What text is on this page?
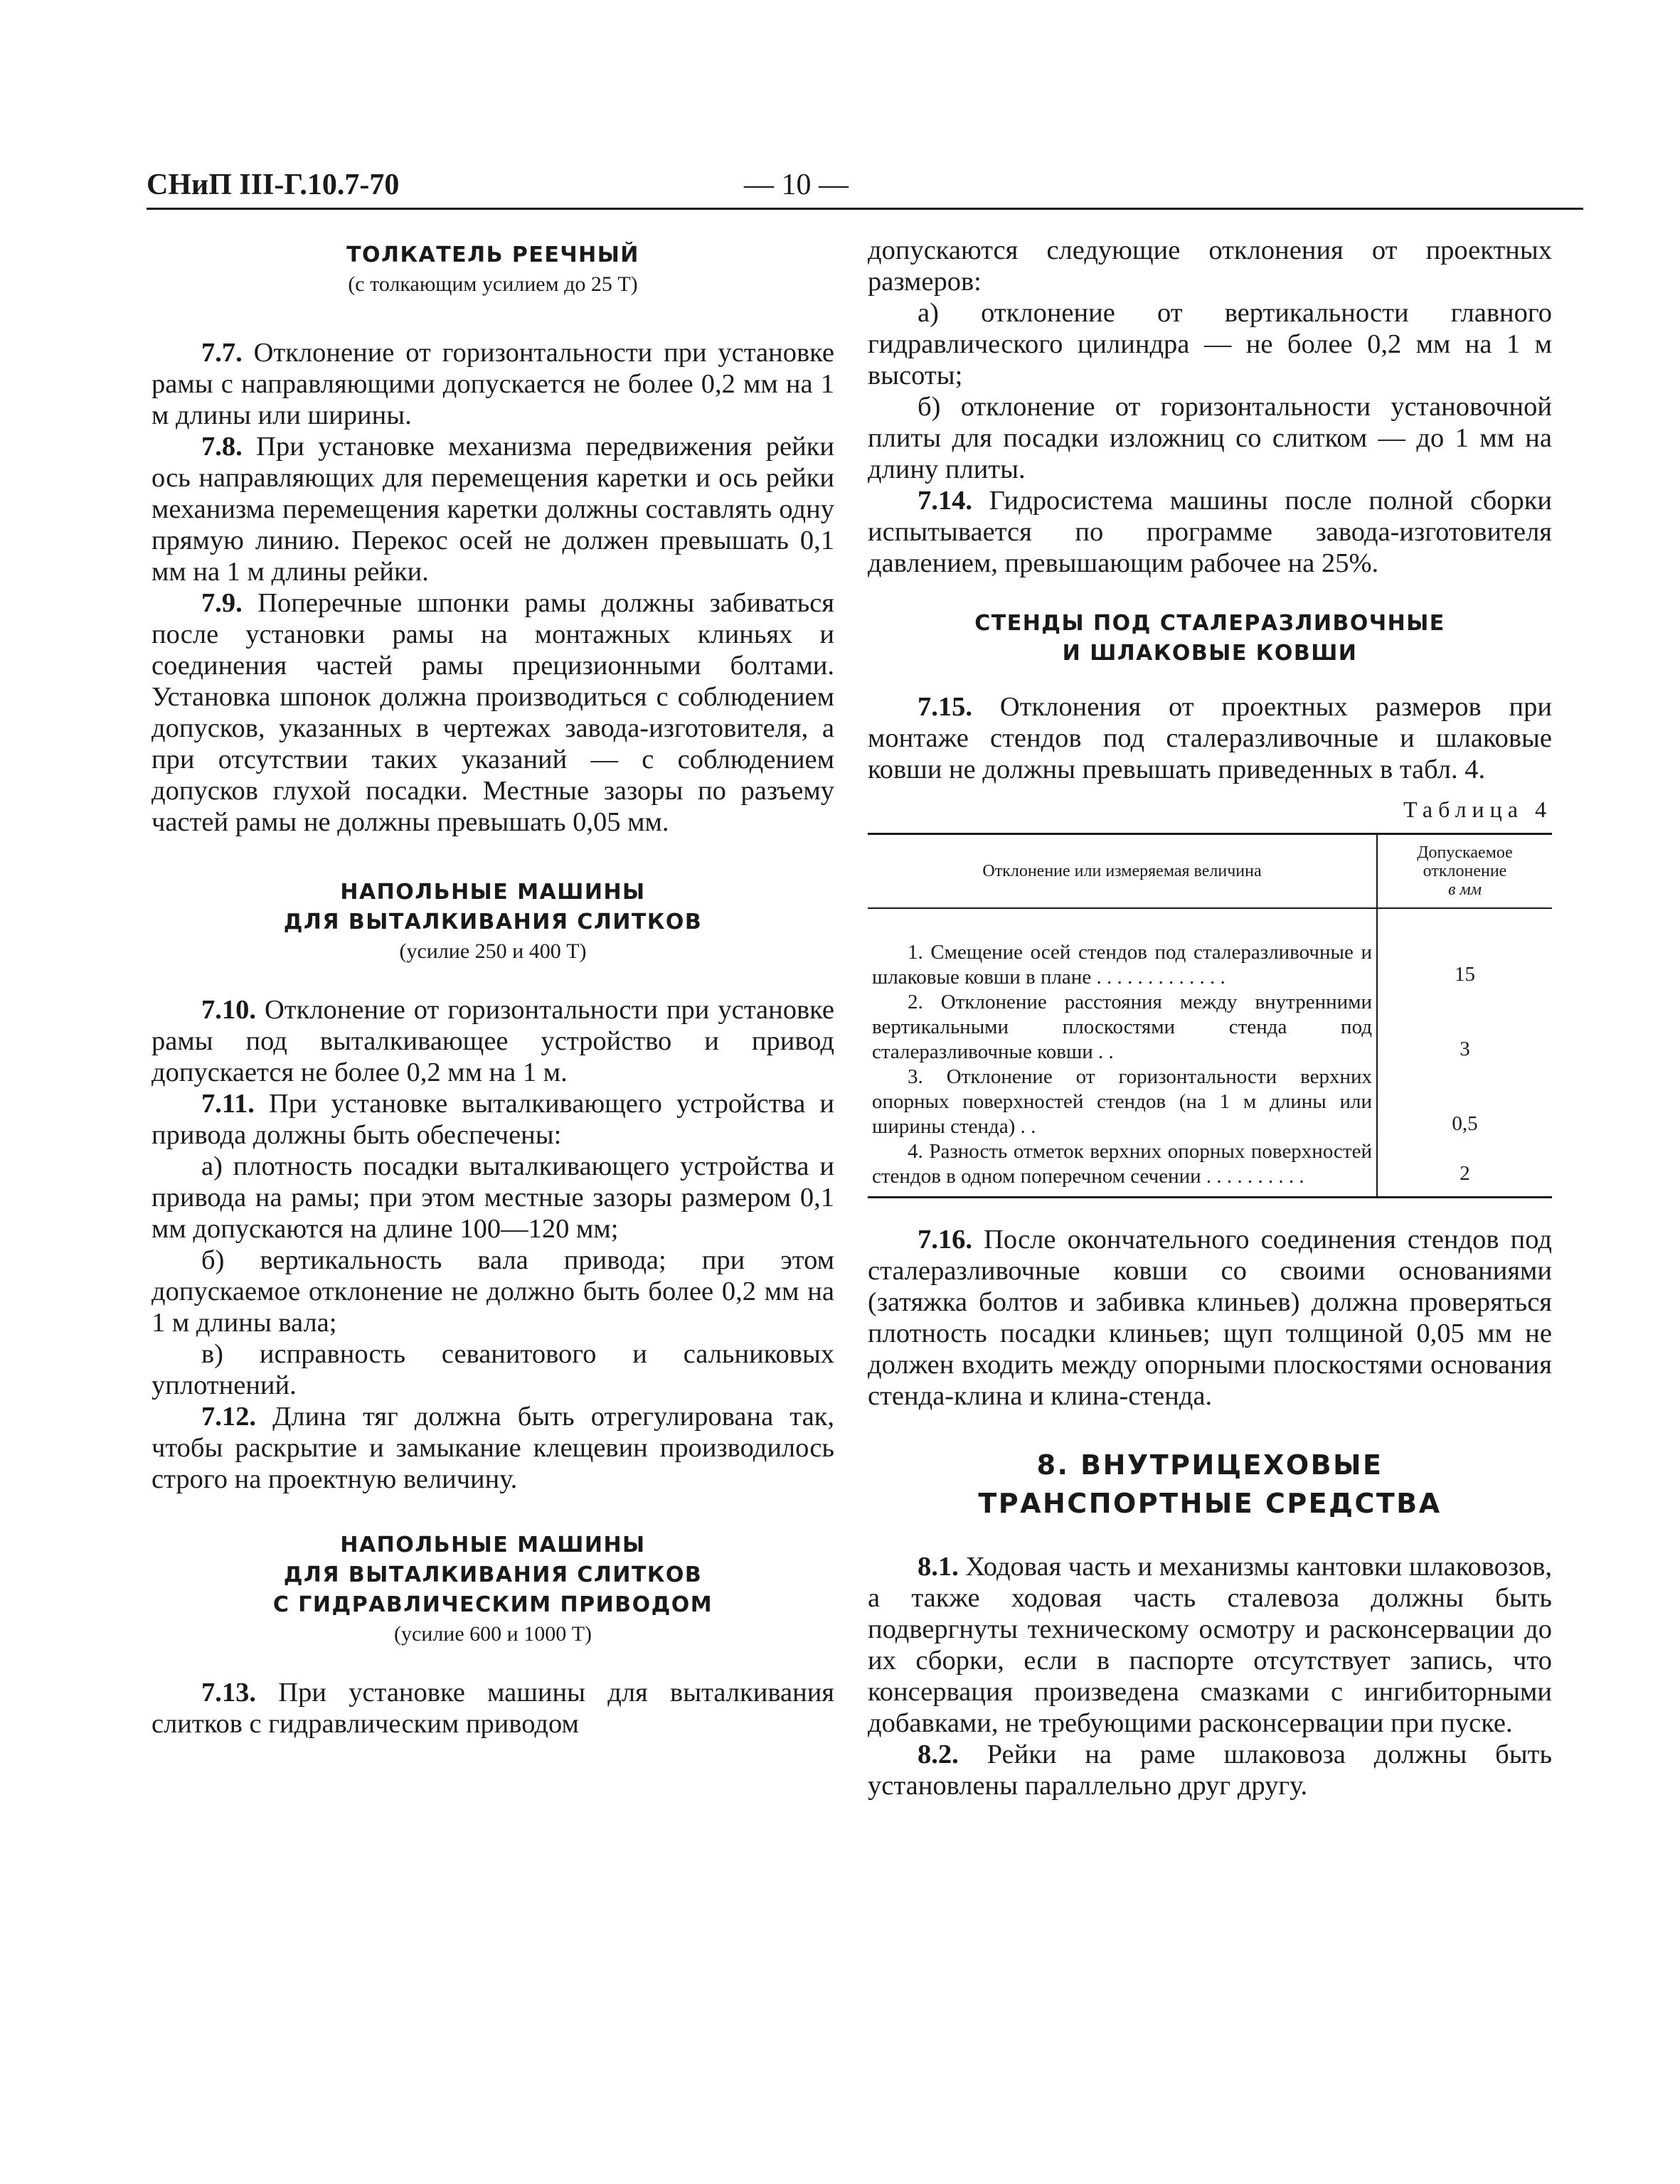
СНиП III-Г.10.7-70	— 10 —
ТОЛКАТЕЛЬ РЕЕЧНЫЙ
(с толкающим усилием до 25 Т)

7.7. Отклонение от горизонтальности при установке рамы с направляющими допускается не более 0,2 мм на 1 м длины или ширины.

7.8. При установке механизма передвижения рейки ось направляющих для перемещения каретки и ось рейки механизма перемещения каретки должны составлять одну прямую линию. Перекос осей не должен превышать 0,1 мм на 1 м длины рейки.

7.9. Поперечные шпонки рамы должны забиваться после установки рамы на монтажных клиньях и соединения частей рамы прецизионными болтами. Установка шпонок должна производиться с соблюдением допусков, указанных в чертежах завода-изготовителя, а при отсутствии таких указаний — с соблюдением допусков глухой посадки. Местные зазоры по разъему частей рамы не должны превышать 0,05 мм.

НАПОЛЬНЫЕ МАШИНЫ
ДЛЯ ВЫТАЛКИВАНИЯ СЛИТКОВ
(усилие 250 и 400 Т)

7.10. Отклонение от горизонтальности при установке рамы под выталкивающее устройство и привод допускается не более 0,2 мм на 1 м.

7.11. При установке выталкивающего устройства и привода должны быть обеспечены:

а) плотность посадки выталкивающего устройства и привода на рамы; при этом местные зазоры размером 0,1 мм допускаются на длине 100—120 мм;

б) вертикальность вала привода; при этом допускаемое отклонение не должно быть более 0,2 мм на 1 м длины вала;

в) исправность севанитового и сальниковых уплотнений.

7.12. Длина тяг должна быть отрегулирована так, чтобы раскрытие и замыкание клещевин производилось строго на проектную величину.

НАПОЛЬНЫЕ МАШИНЫ
ДЛЯ ВЫТАЛКИВАНИЯ СЛИТКОВ
С ГИДРАВЛИЧЕСКИМ ПРИВОДОМ
(усилие 600 и 1000 Т)

7.13. При установке машины для выталкивания слитков с гидравлическим приводом

допускаются следующие отклонения от проектных размеров:

а) отклонение от вертикальности главного гидравлического цилиндра — не более 0,2 мм на 1 м высоты;

б) отклонение от горизонтальности установочной плиты для посадки изложниц со слитком — до 1 мм на длину плиты.

7.14. Гидросистема машины после полной сборки испытывается по программе завода-изготовителя давлением, превышающим рабочее на 25%.

СТЕНДЫ ПОД СТАЛЕРАЗЛИВОЧНЫЕ
И ШЛАКОВЫЕ КОВШИ

7.15. Отклонения от проектных размеров при монтаже стендов под сталеразливочные и шлаковые ковши не должны превышать приведенных в табл. 4.

Таблица 4
Отклонение или измеряемая величина	Допускаемое отклонение
в мм
1. Смещение осей стендов под сталеразливочные и шлаковые ковши в плане . . . . . . . . . . . . .	15
2. Отклонение расстояния между внутренними вертикальными плоскостями стенда под сталеразливочные ковши . .	3
3. Отклонение от горизонтальности верхних опорных поверхностей стендов (на 1 м длины или ширины стенда) . .	0,5
4. Разность отметок верхних опорных поверхностей стендов в одном поперечном сечении . . . . . . . . . .	2

7.16. После окончательного соединения стендов под сталеразливочные ковши со своими основаниями (затяжка болтов и забивка клиньев) должна проверяться плотность посадки клиньев; щуп толщиной 0,05 мм не должен входить между опорными плоскостями основания стенда-клина и клина-стенда.

8. ВНУТРИЦЕХОВЫЕ
ТРАНСПОРТНЫЕ СРЕДСТВА

8.1. Ходовая часть и механизмы кантовки шлаковозов, а также ходовая часть сталевоза должны быть подвергнуты техническому осмотру и расконсервации до их сборки, если в паспорте отсутствует запись, что консервация произведена смазками с ингибиторными добавками, не требующими расконсервации при пуске.

8.2. Рейки на раме шлаковоза должны быть установлены параллельно друг другу.
